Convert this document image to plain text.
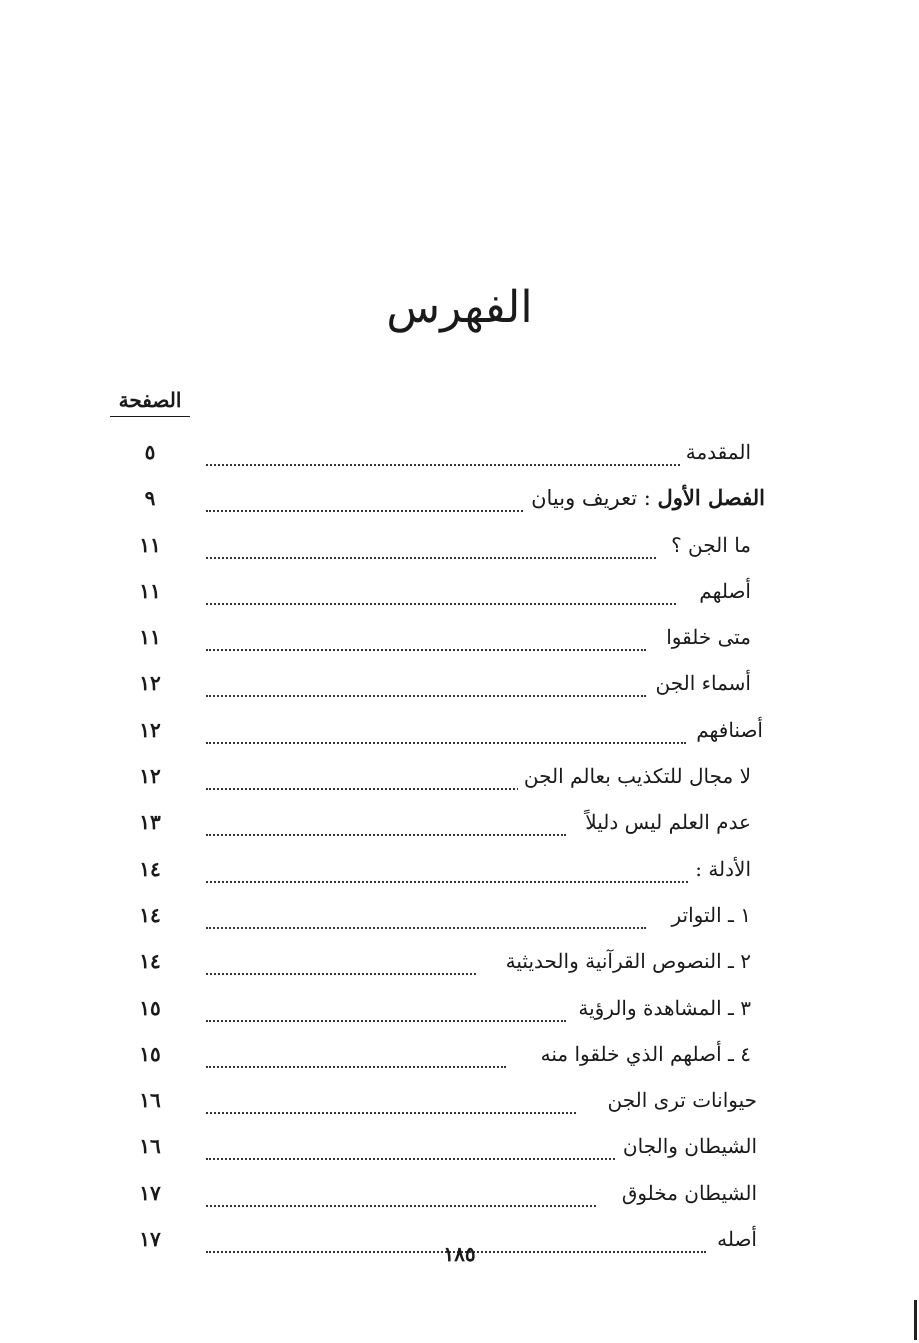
الفهرس
الصفحة
٥	المقدمة
٩	الفصل الأول : تعريف وبيان
١١	ما الجن ؟
١١	أصلهم
١١	متى خلقوا
١٢	أسماء الجن
١٢	أصنافهم
١٢	لا مجال للتكذيب بعالم الجن
١٣	عدم العلم ليس دليلاً
١٤	الأدلة :
١٤	١ ـ التواتر
١٤	٢ ـ النصوص القرآنية والحديثية
١٥	٣ ـ المشاهدة والرؤية
١٥	٤ ـ أصلهم الذي خلقوا منه
١٦	حيوانات ترى الجن
١٦	الشيطان والجان
١٧	الشيطان مخلوق
١٧	أصله
١٨٥
